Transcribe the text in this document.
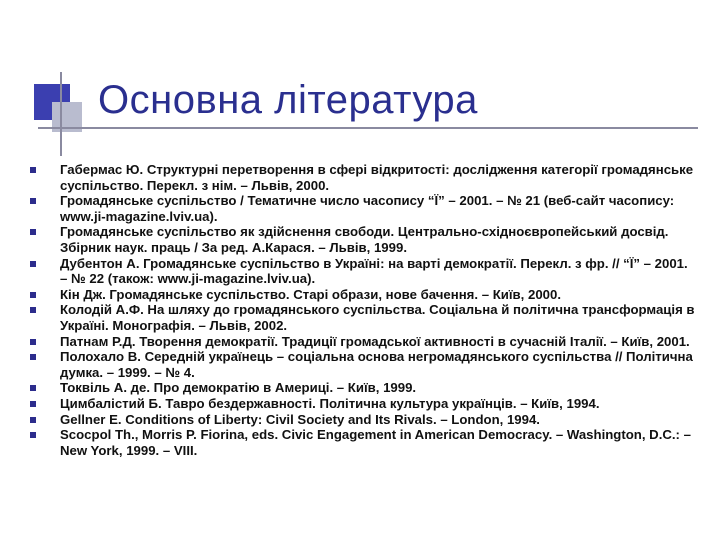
Основна література
Габермас Ю. Структурні перетворення в сфері відкритості: дослідження категорії громадянське суспільство. Перекл. з нім. – Львів, 2000.
Громадянське суспільство / Тематичне число часопису “Ї” – 2001. – № 21 (веб-сайт часопису: www.ji-magazine.lviv.ua).
Громадянське суспільство як здійснення свободи. Центрально-східноєвропейський досвід. Збірник наук. праць / За ред. А.Карася. – Львів, 1999.
Дубентон А. Громадянське суспільство в Україні: на варті демократії. Перекл. з фр. // “Ї” – 2001. – № 22 (також: www.ji-magazine.lviv.ua).
Кін Дж. Громадянське суспільство. Старі образи, нове бачення. – Київ, 2000.
Колодій А.Ф. На шляху до громадянського суспільства. Соціальна й політична трансформація в Україні. Монографія. – Львів, 2002.
Патнам Р.Д. Творення демократії. Традиції громадської активності в сучасній Італії. – Київ, 2001.
Полохало В. Середній українець – соціальна основа негромадянського суспільства // Політична думка. – 1999. – № 4.
Токвіль А. де. Про демократію в Америці. – Київ, 1999.
Цимбалістий Б. Тавро бездержавності. Політична культура українців. – Київ, 1994.
Gellner E. Conditions of Liberty: Civil Society and Its Rivals. – London, 1994.
Scocpol Th., Morris P. Fiorina, eds. Civic Engagement in American Democracy. – Washington, D.C.: – New York, 1999. – VIII.
